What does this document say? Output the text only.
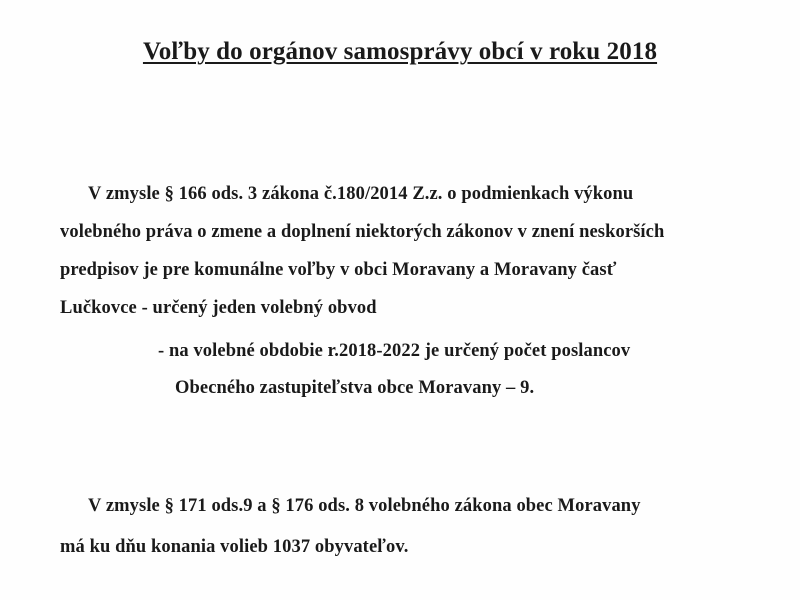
Voľby do orgánov samosprávy obcí v roku 2018
V zmysle § 166 ods. 3 zákona č.180/2014 Z.z. o podmienkach výkonu
volebného práva o zmene a doplnení niektorých zákonov v znení neskorších
predpisov je pre komunálne voľby v obci Moravany a Moravany časť
Lučkovce - určený jeden volebný obvod
- na volebné obdobie r.2018-2022 je určený počet poslancov
Obecného zastupiteľstva obce Moravany – 9.
V zmysle § 171 ods.9 a § 176 ods. 8 volebného zákona obec Moravany
má ku dňu konania volieb 1037 obyvateľov.
